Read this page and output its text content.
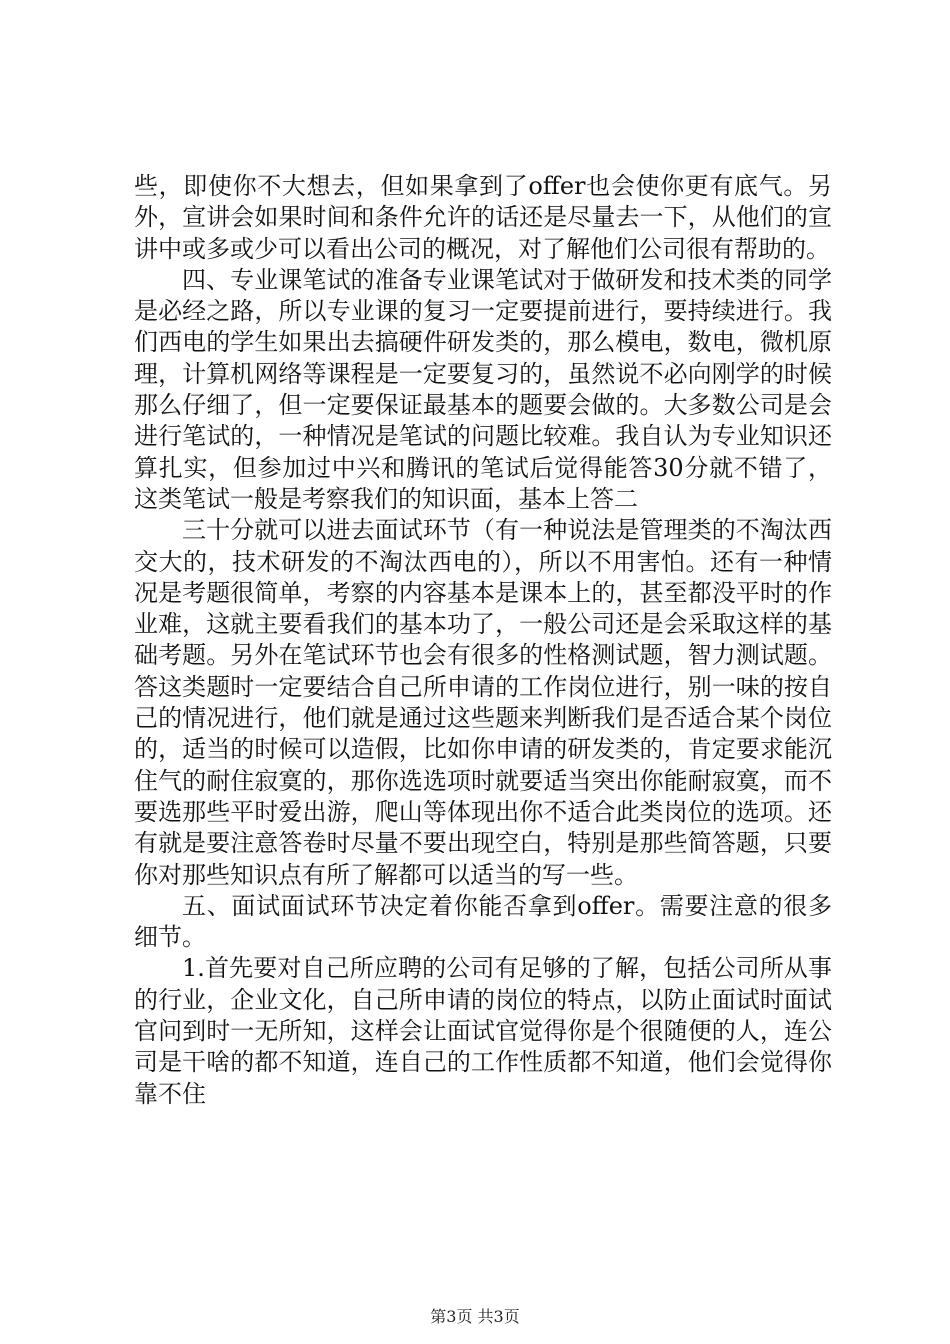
些，即使你不大想去，但如果拿到了offer也会使你更有底气。另外，宣讲会如果时间和条件允许的话还是尽量去一下，从他们的宣讲中或多或少可以看出公司的概况，对了解他们公司很有帮助的。

四、专业课笔试的准备专业课笔试对于做研发和技术类的同学是必经之路，所以专业课的复习一定要提前进行，要持续进行。我们西电的学生如果出去搞硬件研发类的，那么模电，数电，微机原理，计算机网络等课程是一定要复习的，虽然说不必向刚学的时候那么仔细了，但一定要保证最基本的题要会做的。大多数公司是会进行笔试的，一种情况是笔试的问题比较难。我自认为专业知识还算扎实，但参加过中兴和腾讯的笔试后觉得能答30分就不错了，这类笔试一般是考察我们的知识面，基本上答二

三十分就可以进去面试环节（有一种说法是管理类的不淘汰西交大的，技术研发的不淘汰西电的），所以不用害怕。还有一种情况是考题很简单，考察的内容基本是课本上的，甚至都没平时的作业难，这就主要看我们的基本功了，一般公司还是会采取这样的基础考题。另外在笔试环节也会有很多的性格测试题，智力测试题。答这类题时一定要结合自己所申请的工作岗位进行，别一味的按自己的情况进行，他们就是通过这些题来判断我们是否适合某个岗位的，适当的时候可以造假，比如你申请的研发类的，肯定要求能沉住气的耐住寂寞的，那你选选项时就要适当突出你能耐寂寞，而不要选那些平时爱出游，爬山等体现出你不适合此类岗位的选项。还有就是要注意答卷时尽量不要出现空白，特别是那些简答题，只要你对那些知识点有所了解都可以适当的写一些。

五、面试面试环节决定着你能否拿到offer。需要注意的很多细节。

1.首先要对自己所应聘的公司有足够的了解，包括公司所从事的行业，企业文化，自己所申请的岗位的特点，以防止面试时面试官问到时一无所知，这样会让面试官觉得你是个很随便的人，连公司是干啥的都不知道，连自己的工作性质都不知道，他们会觉得你靠不住

第3页 共3页
